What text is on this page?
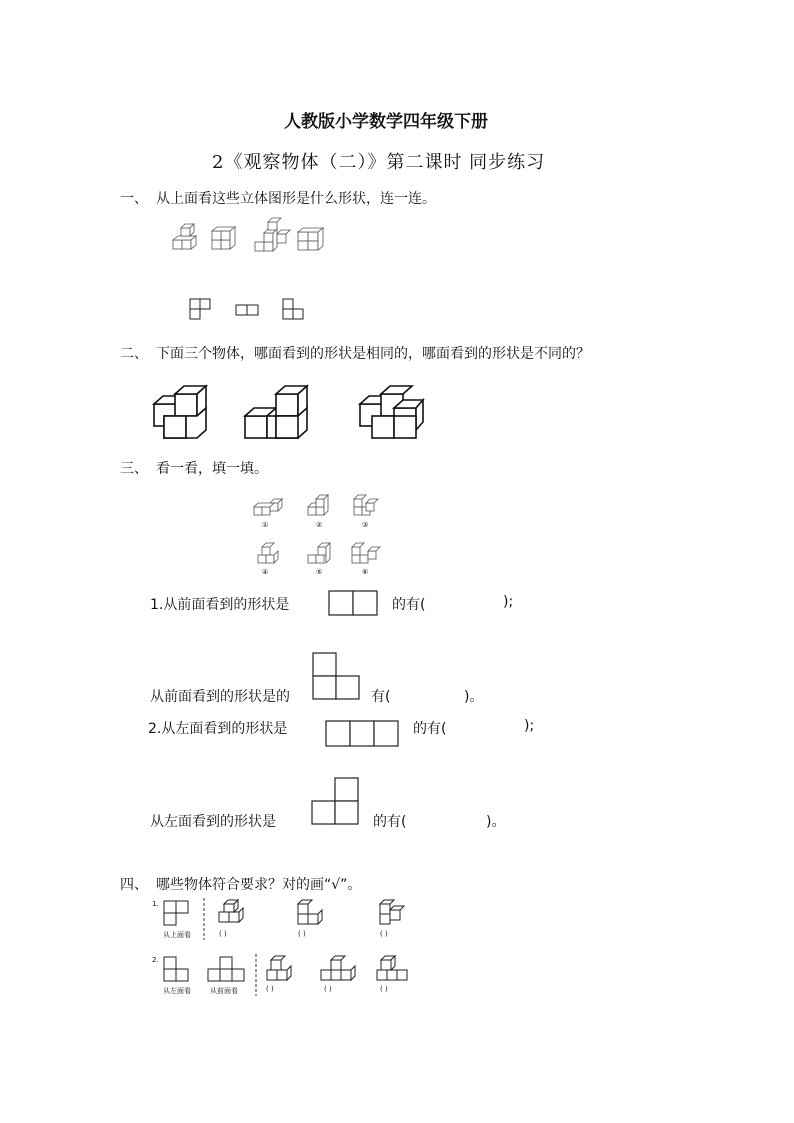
人教版小学数学四年级下册
2《观察物体（二）》第二课时 同步练习
一、 从上面看这些立体图形是什么形状，连一连。
二、 下面三个物体，哪面看到的形状是相同的，哪面看到的形状是不同的？
三、 看一看，填一填。
①	②	③
④	⑤	⑥
1.从前面看到的形状是	的有(	);
从前面看到的形状是的	有(	)。
2.从左面看到的形状是	的有(	);
从左面看到的形状是	的有(	)。
四、 哪些物体符合要求？对的画“√”。
1.
从上面看	( )	( )	( )
2.
从左面看	从前面看	( )	( )	( )
